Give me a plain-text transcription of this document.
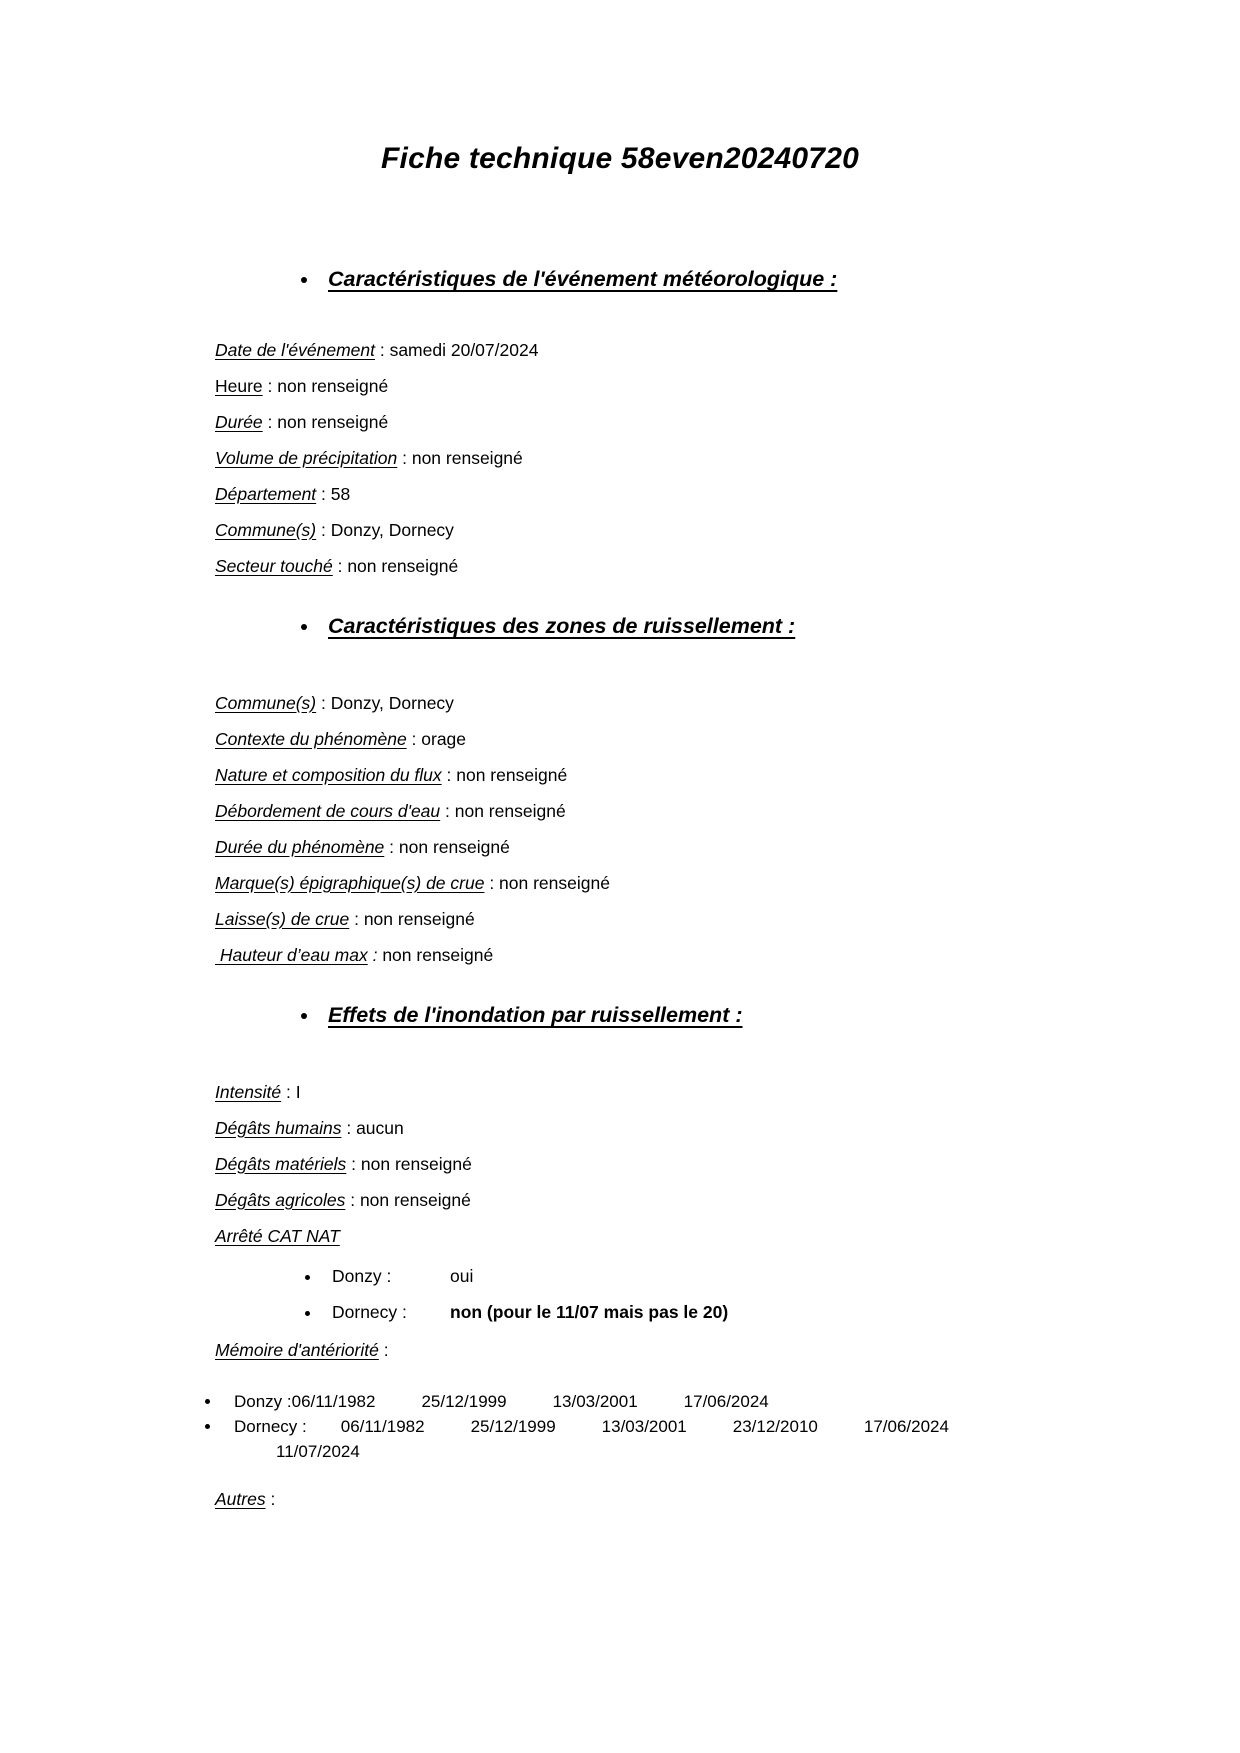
Fiche technique 58even20240720
• Caractéristiques de l'événement météorologique :

Date de l'événement : samedi 20/07/2024

Heure : non renseigné

Durée : non renseigné

Volume de précipitation : non renseigné

Département : 58

Commune(s) : Donzy, Dornecy

Secteur touché : non renseigné

• Caractéristiques des zones de ruissellement :

Commune(s) : Donzy, Dornecy

Contexte du phénomène : orage

Nature et composition du flux : non renseigné

Débordement de cours d'eau : non renseigné

Durée du phénomène : non renseigné

Marque(s) épigraphique(s) de crue : non renseigné

Laisse(s) de crue : non renseigné

Hauteur d’eau max : non renseigné

• Effets de l'inondation par ruissellement :

Intensité : I

Dégâts humains : aucun

Dégâts matériels : non renseigné

Dégâts agricoles : non renseigné

Arrêté CAT NAT

• Donzy :	oui
• Dornecy : non (pour le 11/07 mais pas le 20)

Mémoire d'antériorité :

• Donzy :06/11/1982	25/12/1999	13/03/2001	17/06/2024
• Dornecy : 06/11/1982	25/12/1999	13/03/2001	23/12/2010	17/06/2024
11/07/2024

Autres :
